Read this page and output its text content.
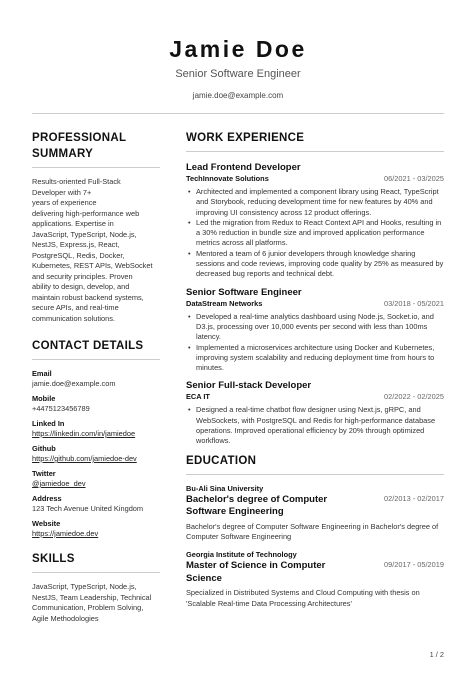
Jamie Doe
Senior Software Engineer
jamie.doe@example.com
PROFESSIONAL SUMMARY
Results-oriented Full-Stack
Developer with 7+
years of experience
delivering high-performance web
applications. Expertise in
JavaScript, TypeScript, Node.js,
NestJS, Express.js, React,
PostgreSQL, Redis, Docker,
Kubernetes, REST APIs, WebSocket
and security principles. Proven
ability to design, develop, and
maintain robust backend systems,
secure APIs, and real-time
communication solutions.
CONTACT DETAILS
Email
jamie.doe@example.com
Mobile
+4475123456789
Linked In
https://linkedin.com/in/jamiedoe
Github
https://github.com/jamiedoe-dev
Twitter
@jamiedoe_dev
Address
123 Tech Avenue United Kingdom
Website
https://jamiedoe.dev
SKILLS
JavaScript, TypeScript, Node.js, NestJS, Team Leadership, Technical Communication, Problem Solving, Agile Methodologies
WORK EXPERIENCE
Lead Frontend Developer
TechInnovate Solutions	06/2021 - 03/2025
• Architected and implemented a component library using React, TypeScript and Storybook, reducing development time for new features by 40% and improving UI consistency across 12 product offerings.
• Led the migration from Redux to React Context API and Hooks, resulting in a 30% reduction in bundle size and improved application performance metrics across all platforms.
• Mentored a team of 6 junior developers through knowledge sharing sessions and code reviews, improving code quality by 25% as measured by decreased bug reports and technical debt.
Senior Software Engineer
DataStream Networks	03/2018 - 05/2021
• Developed a real-time analytics dashboard using Node.js, Socket.io, and D3.js, processing over 10,000 events per second with less than 100ms latency.
• Implemented a microservices architecture using Docker and Kubernetes, improving system scalability and reducing deployment time from hours to minutes.
Senior Full-stack Developer
ECA IT	02/2022 - 02/2025
• Designed a real-time chatbot flow designer using Next.js, gRPC, and WebSockets, with PostgreSQL and Redis for high-performance database operations. Improved operational efficiency by 20% through optimized workflows.
EDUCATION
Bu-Ali Sina University
Bachelor's degree of Computer Software Engineering
02/2013 - 02/2017
Bachelor's degree of Computer Software Engineering in Bachelor's degree of Computer Software Engineering
Georgia Institute of Technology
Master of Science in Computer Science
09/2017 - 05/2019
Specialized in Distributed Systems and Cloud Computing with thesis on 'Scalable Real-time Data Processing Architectures'
1 / 2
